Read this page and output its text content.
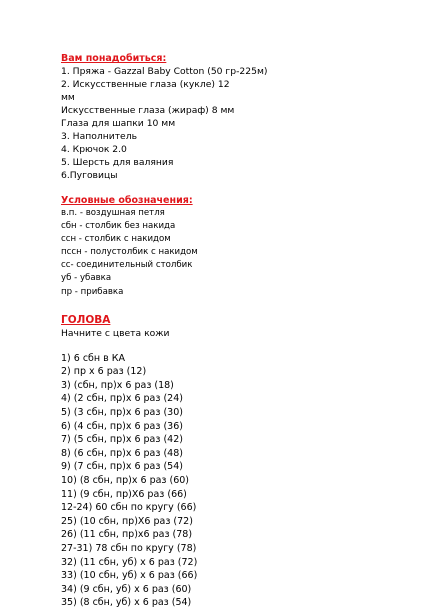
Вам понадобиться:

1. Пряжа - Gazzal Baby Cotton (50 гр-225м)

2. Искусственные глаза (кукле) 12

мм

Искусственные глаза (жираф) 8 мм

Глаза для шапки 10 мм

3. Наполнитель

4. Крючок 2.0

5. Шерсть для валяния

6.Пуговицы

Условные обозначения:

в.п. - воздушная петля

сбн - столбик без накида

ссн - столбик с накидом

пссн - полустолбик с накидом

сс- соединительный столбик

уб - убавка

пр - прибавка

ГОЛОВА

Начните с цвета кожи

1) 6 сбн в КА

2) пр х 6 раз (12)

3) (сбн, пр)х 6 раз (18)

4) (2 сбн, пр)х 6 раз (24)

5) (3 сбн, пр)х 6 раз (30)

6) (4 сбн, пр)х 6 раз (36)

7) (5 сбн, пр)х 6 раз (42)

8) (6 сбн, пр)х 6 раз (48)

9) (7 сбн, пр)х 6 раз (54)

10) (8 сбн, пр)х 6 раз (60)

11) (9 сбн, пр)Х6 раз (66)

12-24) 60 сбн по кругу (66)

25) (10 сбн, пр)Х6 раз (72)

26) (11 сбн, пр)х6 раз (78)

27-31) 78 сбн по кругу (78)

32) (11 сбн, уб) х 6 раз (72)

33) (10 сбн, уб) х 6 раз (66)

34) (9 сбн, уб) х 6 раз (60)

35) (8 сбн, уб) х 6 раз (54)
